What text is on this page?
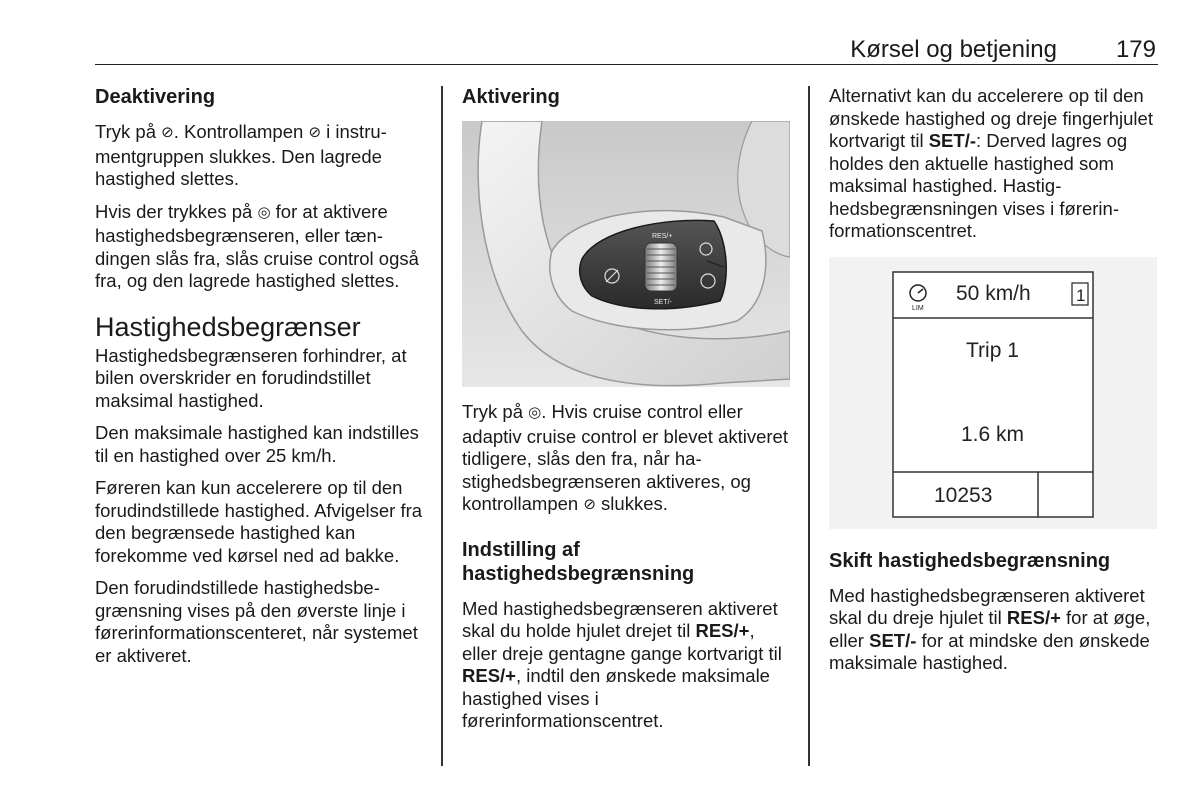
Kørsel og betjening 179
Deaktivering

Tryk på ⊘. Kontrollampen ⊘ i instrumentgruppen slukkes. Den lagrede hastighed slettes.

Hvis der trykkes på ◎ for at aktivere hastighedsbegrænseren, eller tændingen slås fra, slås cruise control også fra, og den lagrede hastighed slettes.

Hastighedsbegrænser

Hastighedsbegrænseren forhindrer, at bilen overskrider en forudindstillet maksimal hastighed.

Den maksimale hastighed kan indstilles til en hastighed over 25 km/h.

Føreren kan kun accelerere op til den forudindstillede hastighed. Afvigelser fra den begrænsede hastighed kan forekomme ved kørsel ned ad bakke.

Den forudindstillede hastighedsbegrænsning vises på den øverste linje i førerinformationscenteret, når systemet er aktiveret.

Aktivering
RES/+
SET/-

Tryk på ◎. Hvis cruise control eller adaptiv cruise control er blevet aktiveret tidligere, slås den fra, når hastighedsbegrænseren aktiveres, og kontrollampen ⊘ slukkes.

Indstilling af hastighedsbegrænsning

Med hastighedsbegrænseren aktiveret skal du holde hjulet drejet til RES/+, eller dreje gentagne gange kortvarigt til RES/+, indtil den ønskede maksimale hastighed vises i førerinformationscentret.

Alternativt kan du accelerere op til den ønskede hastighed og dreje fingerhjulet kortvarigt til SET/-: Derved lagres og holdes den aktuelle hastighed som maksimal hastighed. Hastighedsbegrænsningen vises i førerinformationscentret.

LIM
50 km/h	1
Trip 1
1.6 km
10253
Skift hastighedsbegrænsning

Med hastighedsbegrænseren aktiveret skal du dreje hjulet til RES/+ for at øge, eller SET/- for at mindske den ønskede maksimale hastighed.
